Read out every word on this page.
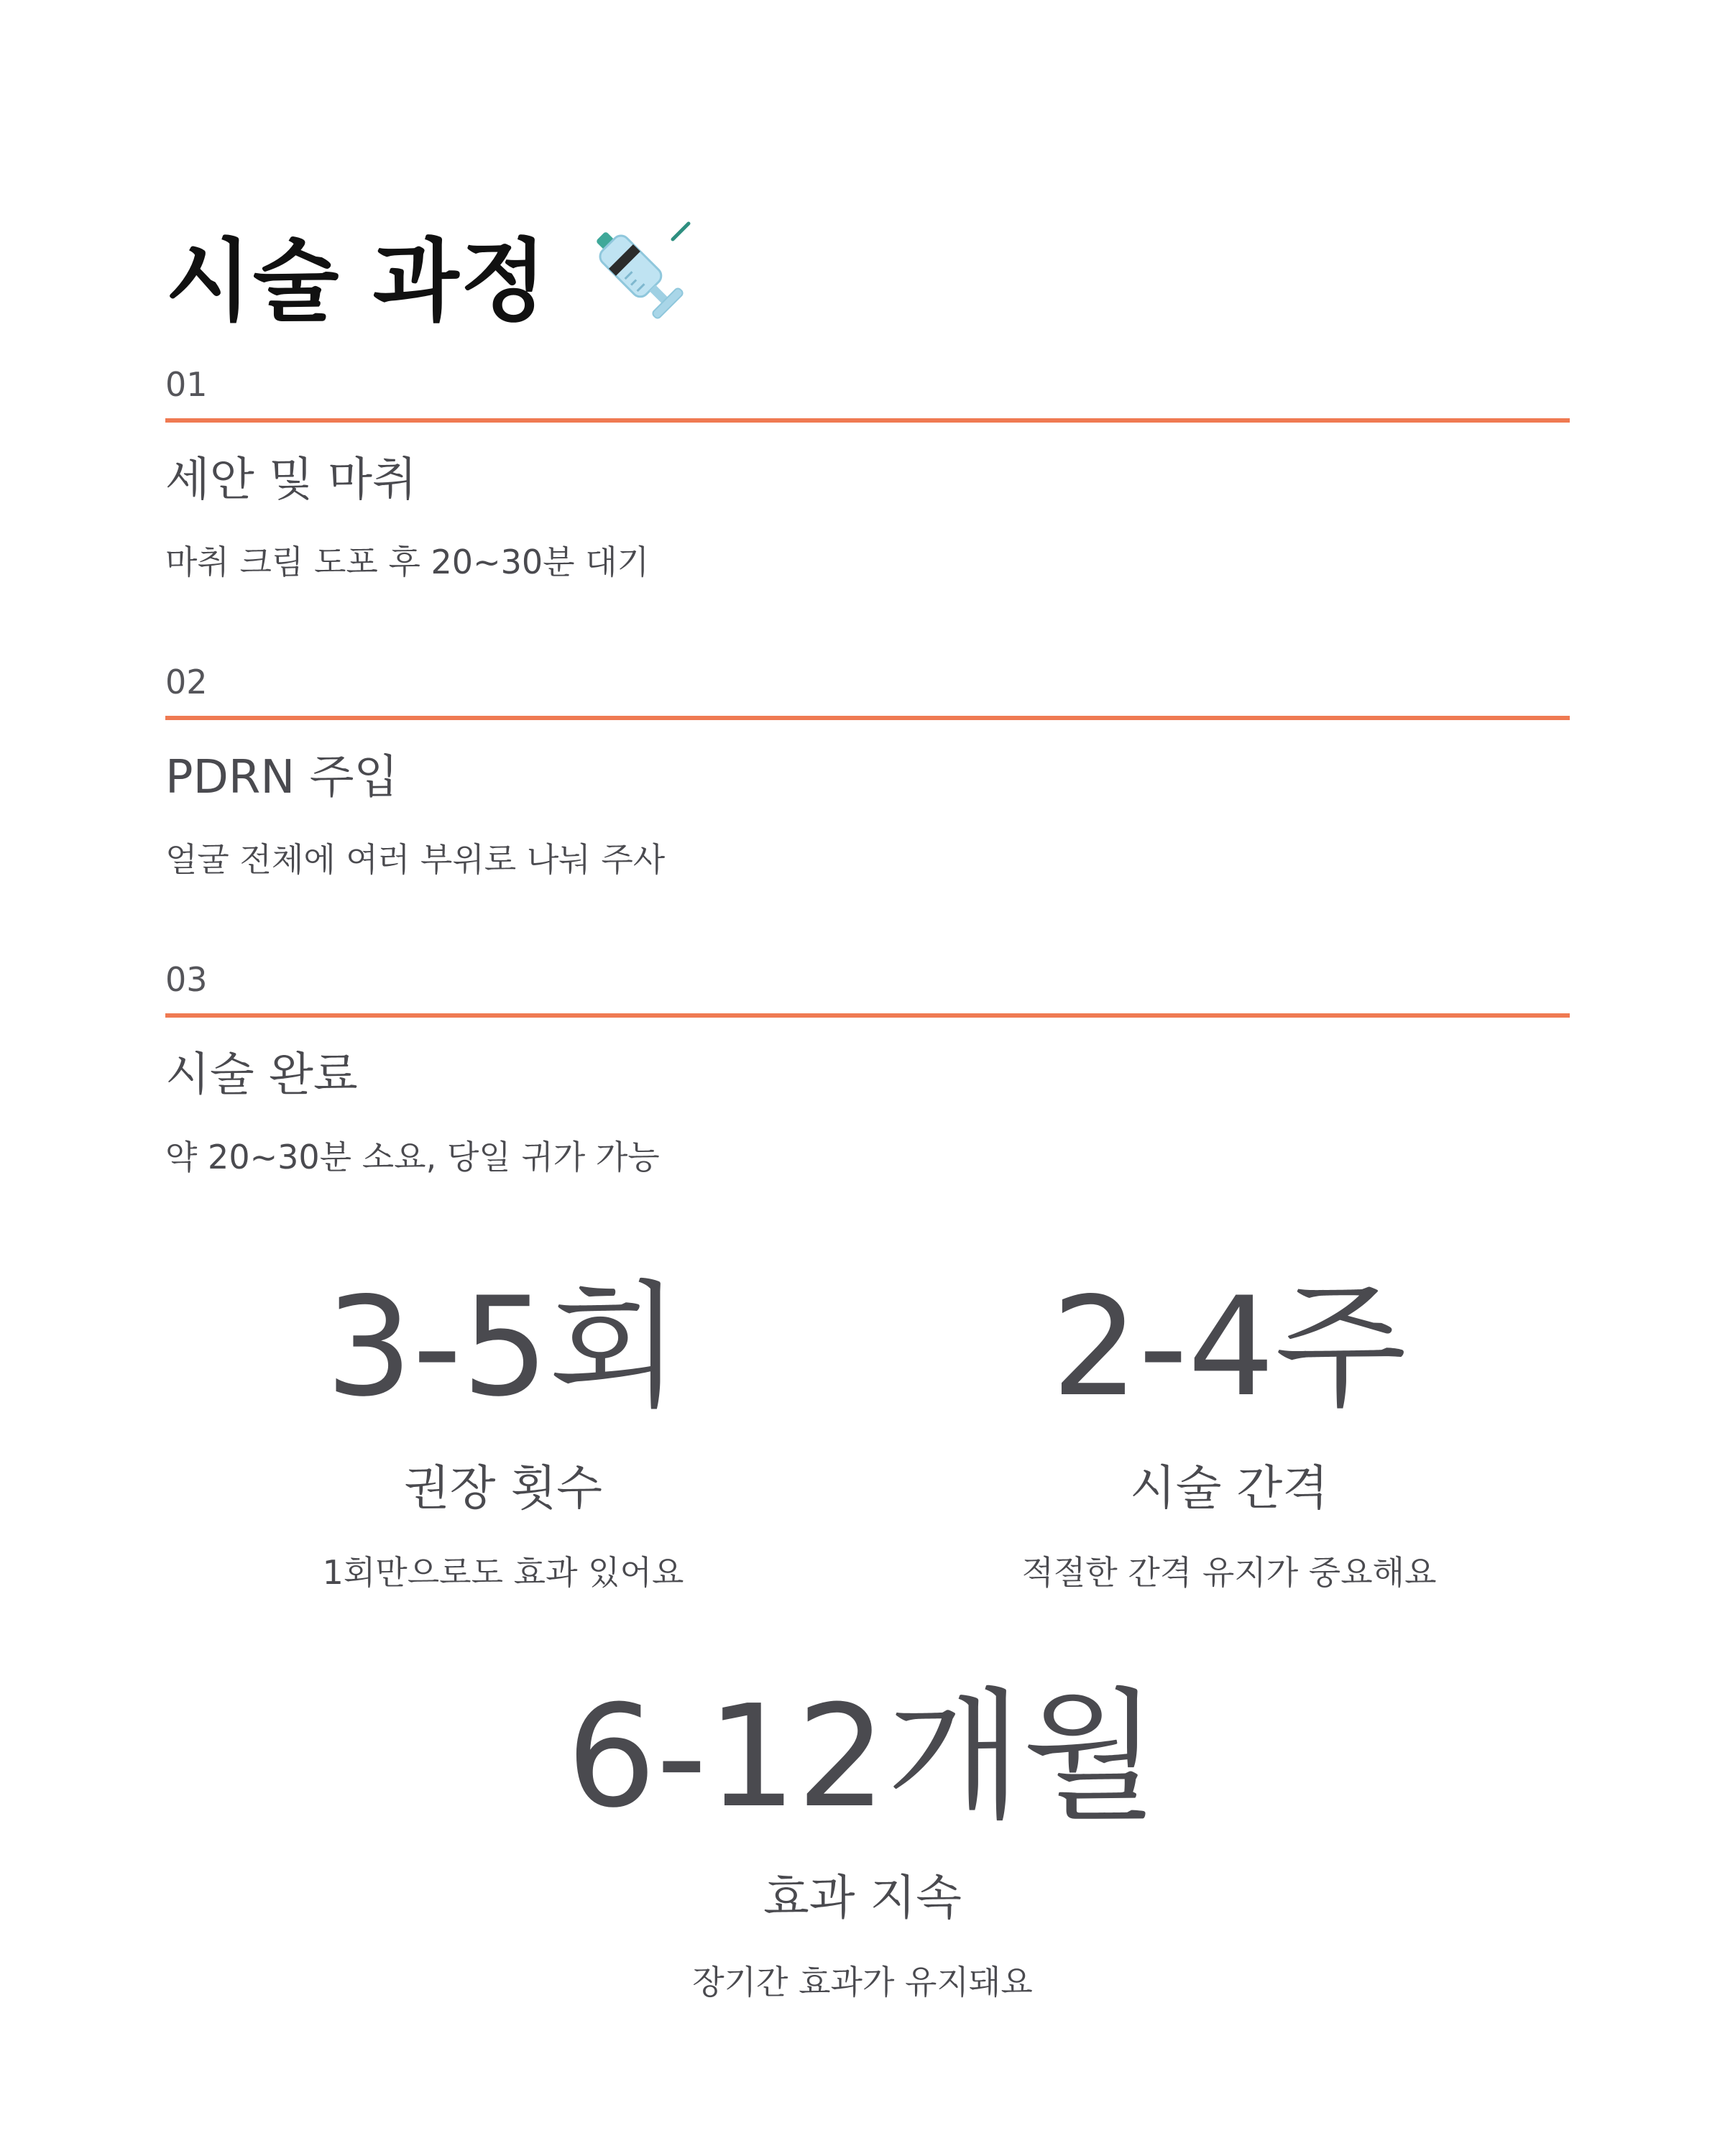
시술 과정
01
세안 및 마취
마취 크림 도포 후 20~30분 대기
02
PDRN 주입
얼굴 전체에 여러 부위로 나눠 주사
03
시술 완료
약 20~30분 소요, 당일 귀가 가능
3-5회
권장 횟수
1회만으로도 효과 있어요
2-4주
시술 간격
적절한 간격 유지가 중요해요
6-12개월
효과 지속
장기간 효과가 유지돼요
